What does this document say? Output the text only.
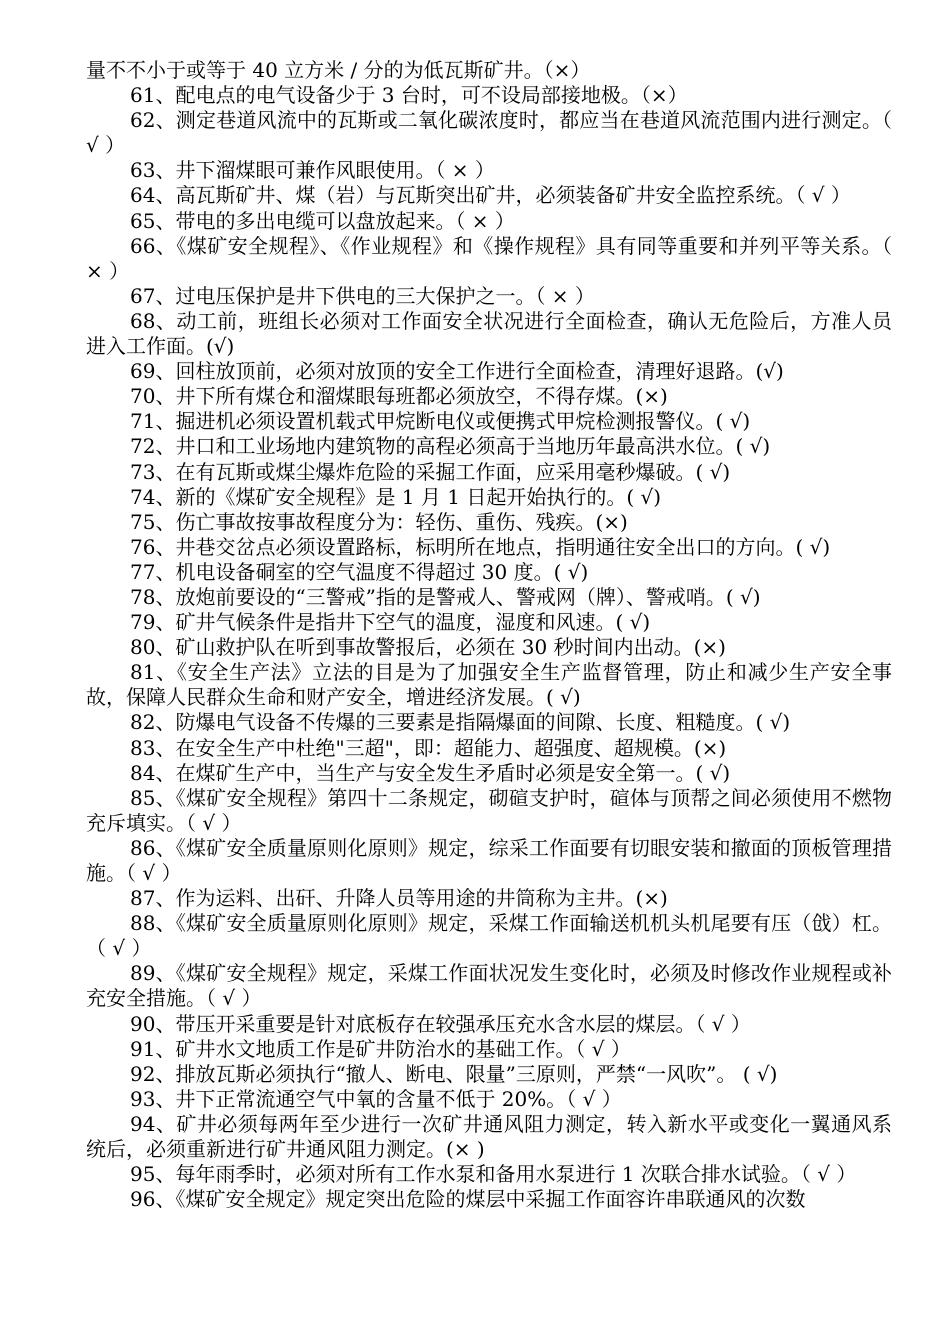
量不不小于或等于 40 立方米 / 分的为低瓦斯矿井。（×）

61、配电点的电气设备少于 3 台时，可不设局部接地极。（×）

62、测定巷道风流中的瓦斯或二氧化碳浓度时，都应当在巷道风流范围内进行测定。（ √ ）

63、井下溜煤眼可兼作风眼使用。（ × ）

64、高瓦斯矿井、煤（岩）与瓦斯突出矿井，必须装备矿井安全监控系统。（ √ ）

65、带电的多出电缆可以盘放起来。（ × ）

66、《煤矿安全规程》、《作业规程》和《操作规程》具有同等重要和并列平等关系。（ × ）

67、过电压保护是井下供电的三大保护之一。（ × ）

68、动工前，班组长必须对工作面安全状况进行全面检查，确认无危险后，方准人员进入工作面。(√)

69、回柱放顶前，必须对放顶的安全工作进行全面检查，清理好退路。(√)

70、井下所有煤仓和溜煤眼每班都必须放空，不得存煤。(×)

71、掘进机必须设置机载式甲烷断电仪或便携式甲烷检测报警仪。( √)

72、井口和工业场地内建筑物的高程必须高于当地历年最高洪水位。( √)

73、在有瓦斯或煤尘爆炸危险的采掘工作面，应采用毫秒爆破。( √)

74、新的《煤矿安全规程》是 1 月 1 日起开始执行的。( √)

75、伤亡事故按事故程度分为：轻伤、重伤、残疾。(×)

76、井巷交岔点必须设置路标，标明所在地点，指明通往安全出口的方向。( √)

77、机电设备硐室的空气温度不得超过 30 度。( √)

78、放炮前要设的“三警戒”指的是警戒人、警戒网（牌）、警戒哨。( √)

79、矿井气候条件是指井下空气的温度，湿度和风速。( √)

80、矿山救护队在听到事故警报后，必须在 30 秒时间内出动。(×)

81、《安全生产法》立法的目是为了加强安全生产监督管理，防止和减少生产安全事故，保障人民群众生命和财产安全，增进经济发展。( √)

82、防爆电气设备不传爆的三要素是指隔爆面的间隙、长度、粗糙度。( √)

83、在安全生产中杜绝"三超"，即：超能力、超强度、超规模。(×)

84、在煤矿生产中，当生产与安全发生矛盾时必须是安全第一。( √)

85、《煤矿安全规程》第四十二条规定，砌碹支护时，碹体与顶帮之间必须使用不燃物充斥填实。（ √ ）

86、《煤矿安全质量原则化原则》规定，综采工作面要有切眼安装和撤面的顶板管理措施。（ √ ）

87、作为运料、出矸、升降人员等用途的井筒称为主井。(×)

88、《煤矿安全质量原则化原则》规定，采煤工作面输送机机头机尾要有压（戗）杠。（ √ ）

89、《煤矿安全规程》规定，采煤工作面状况发生变化时，必须及时修改作业规程或补充安全措施。（ √ ）

90、带压开采重要是针对底板存在较强承压充水含水层的煤层。（ √ ）

91、矿井水文地质工作是矿井防治水的基础工作。（ √ ）

92、排放瓦斯必须执行“撤人、断电、限量”三原则，严禁“一风吹”。 ( √)

93、井下正常流通空气中氧的含量不低于 20%。（ √ ）

94、矿井必须每两年至少进行一次矿井通风阻力测定，转入新水平或变化一翼通风系统后，必须重新进行矿井通风阻力测定。(× )

95、每年雨季时，必须对所有工作水泵和备用水泵进行 1 次联合排水试验。（ √ ）

96、《煤矿安全规定》规定突出危险的煤层中采掘工作面容许串联通风的次数
